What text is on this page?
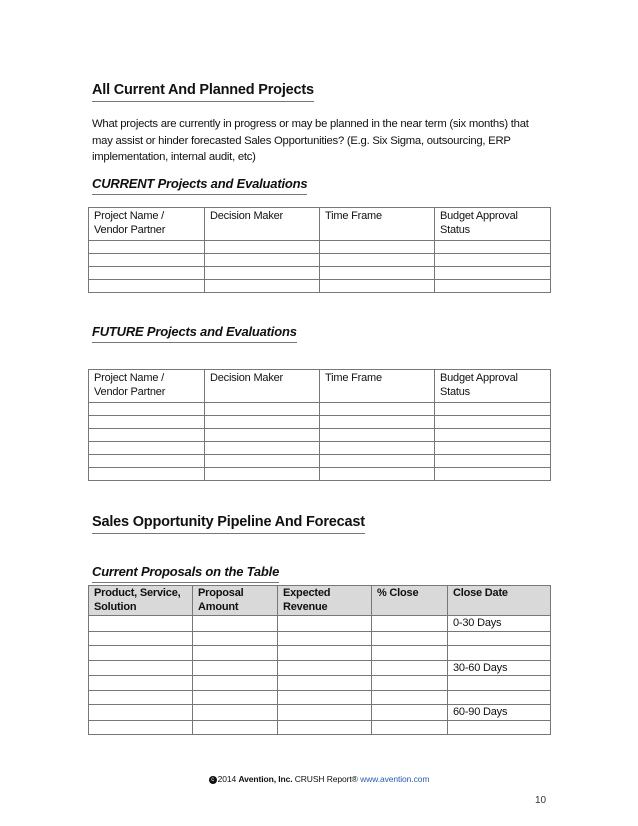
All Current And Planned Projects
What projects are currently in progress or may be planned in the near term (six months) that may assist or hinder forecasted Sales Opportunities? (E.g. Six Sigma, outsourcing, ERP implementation, internal audit, etc)
CURRENT Projects and Evaluations
Project Name / Vendor Partner	Decision Maker	Time Frame	Budget Approval Status

FUTURE Projects and Evaluations
Project Name / Vendor Partner	Decision Maker	Time Frame	Budget Approval Status

Sales Opportunity Pipeline And Forecast
Current Proposals on the Table
Product, Service, Solution	Proposal Amount	Expected Revenue	% Close	Close Date
				0-30 Days

				30-60 Days

				60-90 Days

c 2014 Avention, Inc. CRUSH Report® www.avention.com
10
